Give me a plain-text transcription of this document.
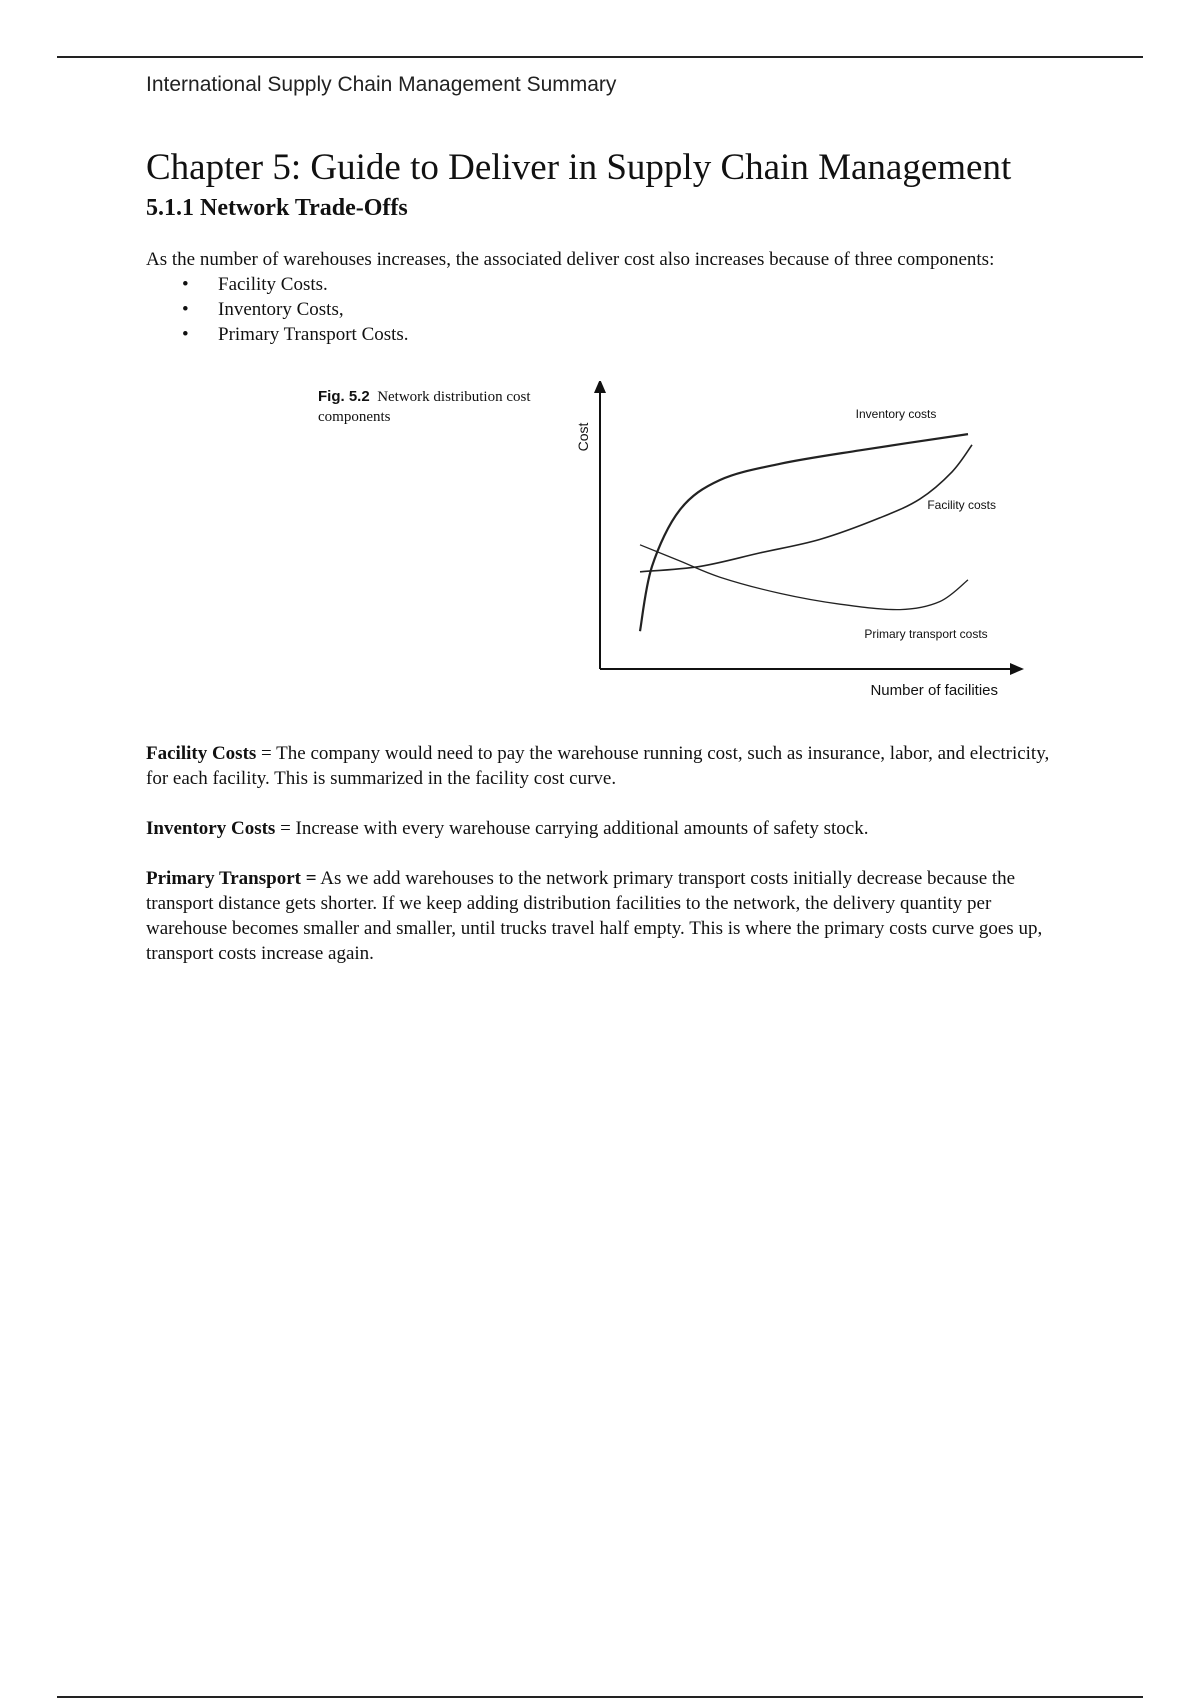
International Supply Chain Management Summary
Chapter 5: Guide to Deliver in Supply Chain Management
5.1.1 Network Trade-Offs

As the number of warehouses increases, the associated deliver cost also increases because of three components:

• Facility Costs.
• Inventory Costs,
• Primary Transport Costs.
Fig. 5.2 Network distribution cost components
Cost
Number of facilities
Inventory costs
Facility costs
Primary transport costs

Facility Costs = The company would need to pay the warehouse running cost, such as insurance, labor, and electricity, for each facility. This is summarized in the facility cost curve.

Inventory Costs = Increase with every warehouse carrying additional amounts of safety stock.

Primary Transport = As we add warehouses to the network primary transport costs initially decrease because the transport distance gets shorter. If we keep adding distribution facilities to the network, the delivery quantity per warehouse becomes smaller and smaller, until trucks travel half empty. This is where the primary costs curve goes up, transport costs increase again.
